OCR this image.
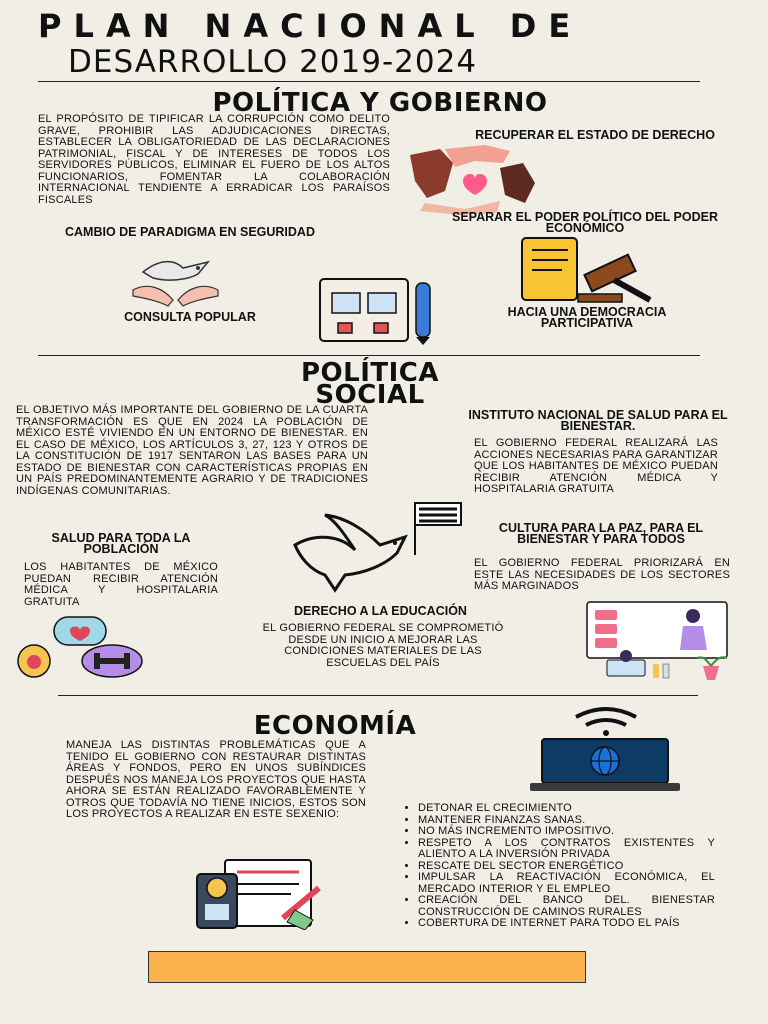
PLAN NACIONAL DE
DESARROLLO 2019-2024
POLÍTICA Y GOBIERNO
EL PROPÓSITO DE TIPIFICAR LA CORRUPCIÓN COMO DELITO GRAVE, PROHIBIR LAS ADJUDICACIONES DIRECTAS, ESTABLECER LA OBLIGATORIEDAD DE LAS DECLARACIONES PATRIMONIAL, FISCAL Y DE INTERESES DE TODOS LOS SERVIDORES PÚBLICOS, ELIMINAR EL FUERO DE LOS ALTOS FUNCIONARIOS, FOMENTAR LA COLABORACIÓN INTERNACIONAL TENDIENTE A ERRADICAR LOS PARAÍSOS FISCALES
RECUPERAR EL ESTADO DE DERECHO
SEPARAR EL PODER POLÍTICO DEL PODER ECONÓMICO
CAMBIO DE PARADIGMA EN SEGURIDAD
CONSULTA POPULAR	HACIA UNA DEMOCRACIA PARTICIPATIVA
POLÍTICA
SOCIAL
EL OBJETIVO MÁS IMPORTANTE DEL GOBIERNO DE LA CUARTA TRANSFORMACIÓN ES QUE EN 2024 LA POBLACIÓN DE MÉXICO ESTÉ VIVIENDO EN UN ENTORNO DE BIENESTAR. EN EL CASO DE MÉXICO, LOS ARTÍCULOS 3, 27, 123 Y OTROS DE LA CONSTITUCIÓN DE 1917 SENTARON LAS BASES PARA UN ESTADO DE BIENESTAR CON CARACTERÍSTICAS PROPIAS EN UN PAÍS PREDOMINANTEMENTE AGRARIO Y DE TRADICIONES INDÍGENAS COMUNITARIAS.
INSTITUTO NACIONAL DE SALUD PARA EL BIENESTAR.
EL GOBIERNO FEDERAL REALIZARÁ LAS ACCIONES NECESARIAS PARA GARANTIZAR QUE LOS HABITANTES DE MÉXICO PUEDAN RECIBIR ATENCIÓN MÉDICA Y HOSPITALARIA GRATUITA
CULTURA PARA LA PAZ, PARA EL BIENESTAR Y PARA TODOS
EL GOBIERNO FEDERAL PRIORIZARÁ EN ESTE LAS NECESIDADES DE LOS SECTORES MÁS MARGINADOS
SALUD PARA TODA LA POBLACIÓN
LOS HABITANTES DE MÉXICO PUEDAN RECIBIR ATENCIÓN MÉDICA Y HOSPITALARIA GRATUITA
DERECHO A LA EDUCACIÓN
EL GOBIERNO FEDERAL SE COMPROMETIÓ DESDE UN INICIO A MEJORAR LAS CONDICIONES MATERIALES DE LAS ESCUELAS DEL PAÍS
ECONOMÍA
MANEJA LAS DISTINTAS PROBLEMÁTICAS QUE A TENIDO EL GOBIERNO CON RESTAURAR DISTINTAS ÁREAS Y FONDOS, PERO EN UNOS SUBÍNDICES DESPUÉS NOS MANEJA LOS PROYECTOS QUE HASTA AHORA SE ESTÁN REALIZADO FAVORABLEMENTE Y OTROS QUE TODAVÍA NO TIENE INICIOS, ESTOS SON LOS PROYECTOS A REALIZAR EN ESTE SEXENIO:
•	DETONAR EL CRECIMIENTO
• MANTENER FINANZAS SANAS.
• NO MÁS INCREMENTO IMPOSITIVO.
• RESPETO A LOS CONTRATOS EXISTENTES Y ALIENTO A LA INVERSIÓN PRIVADA
• RESCATE DEL SECTOR ENERGÉTICO
• IMPULSAR LA REACTIVACIÓN ECONÓMICA, EL MERCADO INTERIOR Y EL EMPLEO
• CREACIÓN DEL BANCO DEL. BIENESTAR CONSTRUCCIÓN DE CAMINOS RURALES
• COBERTURA DE INTERNET PARA TODO EL PAÍS
